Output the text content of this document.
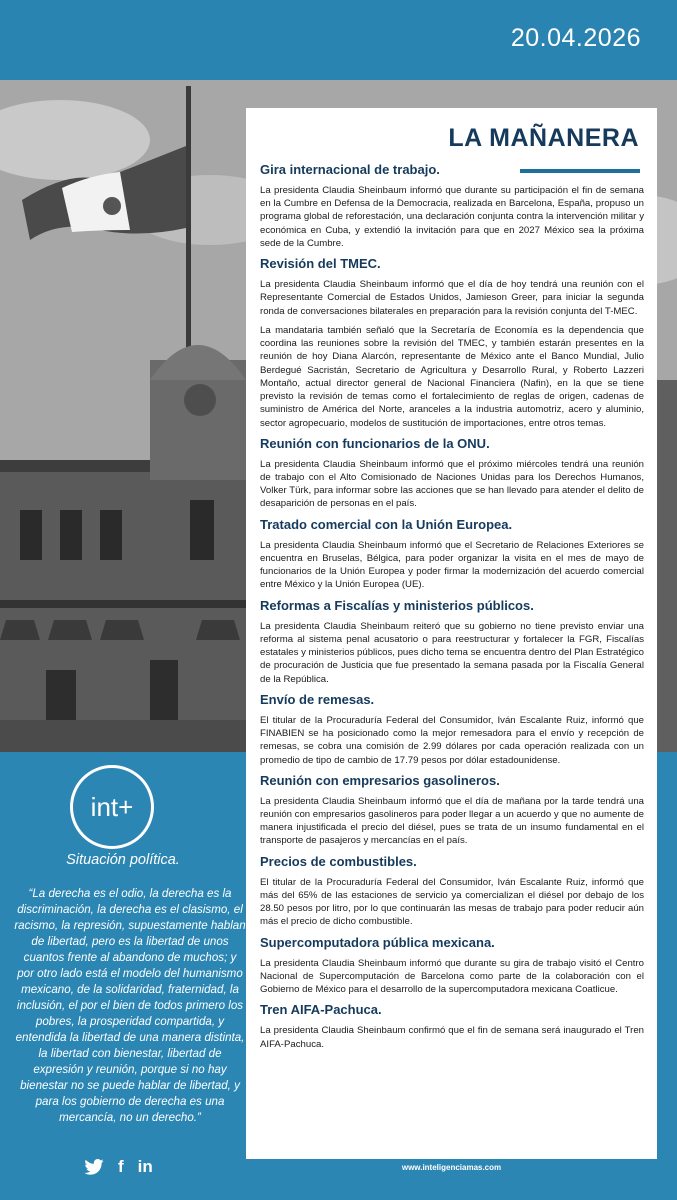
20.04.2026
int+
Situación política.
“La derecha es el odio, la derecha es la discriminación, la derecha es el clasismo, el racismo, la represión, supuestamente hablan de libertad, pero es la libertad de unos cuantos frente al abandono de muchos; y por otro lado está el modelo del humanismo mexicano, de la solidaridad, fraternidad, la inclusión, el por el bien de todos primero los pobres, la prosperidad compartida, y entendida la libertad de una manera distinta, la libertad con bienestar, libertad de expresión y reunión, porque si no hay bienestar no se puede hablar de libertad, y para los gobierno de derecha es una mercancía, no un derecho.”
f in
LA MAÑANERA
Gira internacional de trabajo.
La presidenta Claudia Sheinbaum informó que durante su participación el fin de semana en la Cumbre en Defensa de la Democracia, realizada en Barcelona, España, propuso un programa global de reforestación, una declaración conjunta contra la intervención militar y económica en Cuba, y extendió la invitación para que en 2027 México sea la próxima sede de la Cumbre.
Revisión del TMEC.
La presidenta Claudia Sheinbaum informó que el día de hoy tendrá una reunión con el Representante Comercial de Estados Unidos, Jamieson Greer, para iniciar la segunda ronda de conversaciones bilaterales en preparación para la revisión conjunta del T-MEC.
La mandataria también señaló que la Secretaría de Economía es la dependencia que coordina las reuniones sobre la revisión del TMEC, y también estarán presentes en la reunión de hoy Diana Alarcón, representante de México ante el Banco Mundial, Julio Berdegué Sacristán, Secretario de Agricultura y Desarrollo Rural, y Roberto Lazzeri Montaño, actual director general de Nacional Financiera (Nafin), en la que se tiene previsto la revisión de temas como el fortalecimiento de reglas de origen, cadenas de suministro de América del Norte, aranceles a la industria automotriz, acero y aluminio, sector agropecuario, modelos de sustitución de importaciones, entre otros temas.
Reunión con funcionarios de la ONU.
La presidenta Claudia Sheinbaum informó que el próximo miércoles tendrá una reunión de trabajo con el Alto Comisionado de Naciones Unidas para los Derechos Humanos, Volker Türk, para informar sobre las acciones que se han llevado para atender el delito de desaparición de personas en el país.
Tratado comercial con la Unión Europea.
La presidenta Claudia Sheinbaum informó que el Secretario de Relaciones Exteriores se encuentra en Bruselas, Bélgica, para poder organizar la visita en el mes de mayo de funcionarios de la Unión Europea y poder firmar la modernización del acuerdo comercial entre México y la Unión Europea (UE).
Reformas a Fiscalías y ministerios públicos.
La presidenta Claudia Sheinbaum reiteró que su gobierno no tiene previsto enviar una reforma al sistema penal acusatorio o para reestructurar y fortalecer la FGR, Fiscalías estatales y ministerios públicos, pues dicho tema se encuentra dentro del Plan Estratégico de procuración de Justicia que fue presentado la semana pasada por la Fiscalía General de la República.
Envío de remesas.
El titular de la Procuraduría Federal del Consumidor, Iván Escalante Ruiz, informó que FINABIEN se ha posicionado como la mejor remesadora para el envío y recepción de remesas, se cobra una comisión de 2.99 dólares por cada operación realizada con un promedio de tipo de cambio de 17.79 pesos por dólar estadounidense.
Reunión con empresarios gasolineros.
La presidenta Claudia Sheinbaum informó que el día de mañana por la tarde tendrá una reunión con empresarios gasolineros para poder llegar a un acuerdo y que no aumente de manera injustificada el precio del diésel, pues se trata de un insumo fundamental en el transporte de pasajeros y mercancías en el país.
Precios de combustibles.
El titular de la Procuraduría Federal del Consumidor, Iván Escalante Ruiz, informó que más del 65% de las estaciones de servicio ya comercializan el diésel por debajo de los 28.50 pesos por litro, por lo que continuarán las mesas de trabajo para poder reducir aún más el precio de dicho combustible.
Supercomputadora pública mexicana.
La presidenta Claudia Sheinbaum informó que durante su gira de trabajo visitó el Centro Nacional de Supercomputación de Barcelona como parte de la colaboración con el Gobierno de México para el desarrollo de la supercomputadora mexicana Coatlicue.
Tren AIFA-Pachuca.
La presidenta Claudia Sheinbaum confirmó que el fin de semana será inaugurado el Tren AIFA-Pachuca.
www.inteligenciamas.com
